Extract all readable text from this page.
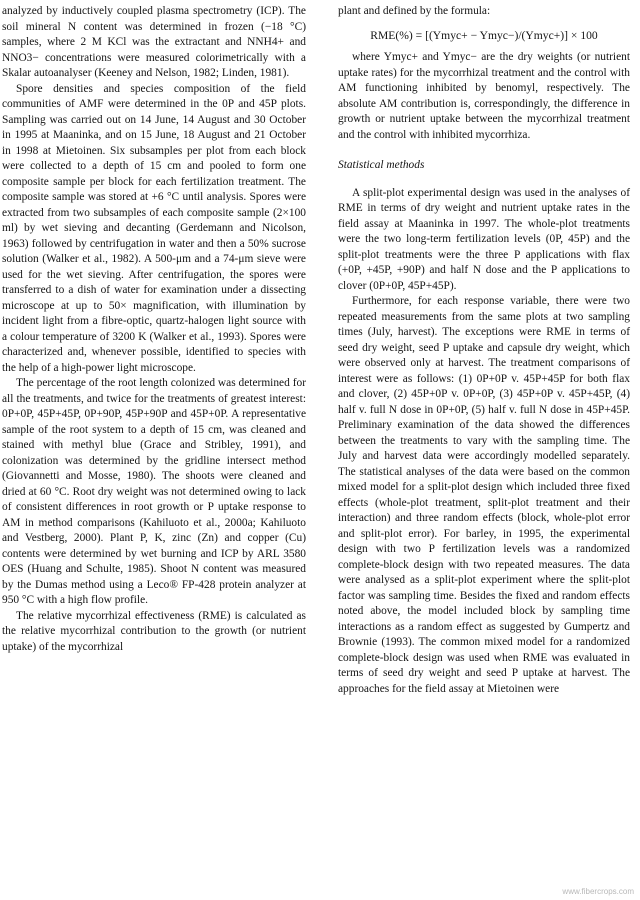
analyzed by inductively coupled plasma spectrometry (ICP). The soil mineral N content was determined in frozen (−18 °C) samples, where 2 M KCl was the extractant and NNH4+ and NNO3− concentrations were measured colorimetrically with a Skalar autoanalyser (Keeney and Nelson, 1982; Linden, 1981).

Spore densities and species composition of the field communities of AMF were determined in the 0P and 45P plots. Sampling was carried out on 14 June, 14 August and 30 October in 1995 at Maaninka, and on 15 June, 18 August and 21 October in 1998 at Mietoinen. Six subsamples per plot from each block were collected to a depth of 15 cm and pooled to form one composite sample per block for each fertilization treatment. The composite sample was stored at +6 °C until analysis. Spores were extracted from two subsamples of each composite sample (2×100 ml) by wet sieving and decanting (Gerdemann and Nicolson, 1963) followed by centrifugation in water and then a 50% sucrose solution (Walker et al., 1982). A 500-μm and a 74-μm sieve were used for the wet sieving. After centrifugation, the spores were transferred to a dish of water for examination under a dissecting microscope at up to 50× magnification, with illumination by incident light from a fibre-optic, quartz-halogen light source with a colour temperature of 3200 K (Walker et al., 1993). Spores were characterized and, whenever possible, identified to species with the help of a high-power light microscope.

The percentage of the root length colonized was determined for all the treatments, and twice for the treatments of greatest interest: 0P+0P, 45P+45P, 0P+90P, 45P+90P and 45P+0P. A representative sample of the root system to a depth of 15 cm, was cleaned and stained with methyl blue (Grace and Stribley, 1991), and colonization was determined by the gridline intersect method (Giovannetti and Mosse, 1980). The shoots were cleaned and dried at 60 °C. Root dry weight was not determined owing to lack of consistent differences in root growth or P uptake response to AM in method comparisons (Kahiluoto et al., 2000a; Kahiluoto and Vestberg, 2000). Plant P, K, zinc (Zn) and copper (Cu) contents were determined by wet burning and ICP by ARL 3580 OES (Huang and Schulte, 1985). Shoot N content was measured by the Dumas method using a Leco® FP-428 protein analyzer at 950 °C with a high flow profile.

The relative mycorrhizal effectiveness (RME) is calculated as the relative mycorrhizal contribution to the growth (or nutrient uptake) of the mycorrhizal

plant and defined by the formula:

RME(%) = [(Ymyc+ − Ymyc−)/(Ymyc+)] × 100

where Ymyc+ and Ymyc− are the dry weights (or nutrient uptake rates) for the mycorrhizal treatment and the control with AM functioning inhibited by benomyl, respectively. The absolute AM contribution is, correspondingly, the difference in growth or nutrient uptake between the mycorrhizal treatment and the control with inhibited mycorrhiza.

Statistical methods

A split-plot experimental design was used in the analyses of RME in terms of dry weight and nutrient uptake rates in the field assay at Maaninka in 1997. The whole-plot treatments were the two long-term fertilization levels (0P, 45P) and the split-plot treatments were the three P applications with flax (+0P, +45P, +90P) and half N dose and the P applications to clover (0P+0P, 45P+45P).

Furthermore, for each response variable, there were two repeated measurements from the same plots at two sampling times (July, harvest). The exceptions were RME in terms of seed dry weight, seed P uptake and capsule dry weight, which were observed only at harvest. The treatment comparisons of interest were as follows: (1) 0P+0P v. 45P+45P for both flax and clover, (2) 45P+0P v. 0P+0P, (3) 45P+0P v. 45P+45P, (4) half v. full N dose in 0P+0P, (5) half v. full N dose in 45P+45P. Preliminary examination of the data showed the differences between the treatments to vary with the sampling time. The July and harvest data were accordingly modelled separately. The statistical analyses of the data were based on the common mixed model for a split-plot design which included three fixed effects (whole-plot treatment, split-plot treatment and their interaction) and three random effects (block, whole-plot error and split-plot error). For barley, in 1995, the experimental design with two P fertilization levels was a randomized complete-block design with two repeated measures. The data were analysed as a split-plot experiment where the split-plot factor was sampling time. Besides the fixed and random effects noted above, the model included block by sampling time interactions as a random effect as suggested by Gumpertz and Brownie (1993). The common mixed model for a randomized complete-block design was used when RME was evaluated in terms of seed dry weight and seed P uptake at harvest. The approaches for the field assay at Mietoinen were

www.fibercrops.com
